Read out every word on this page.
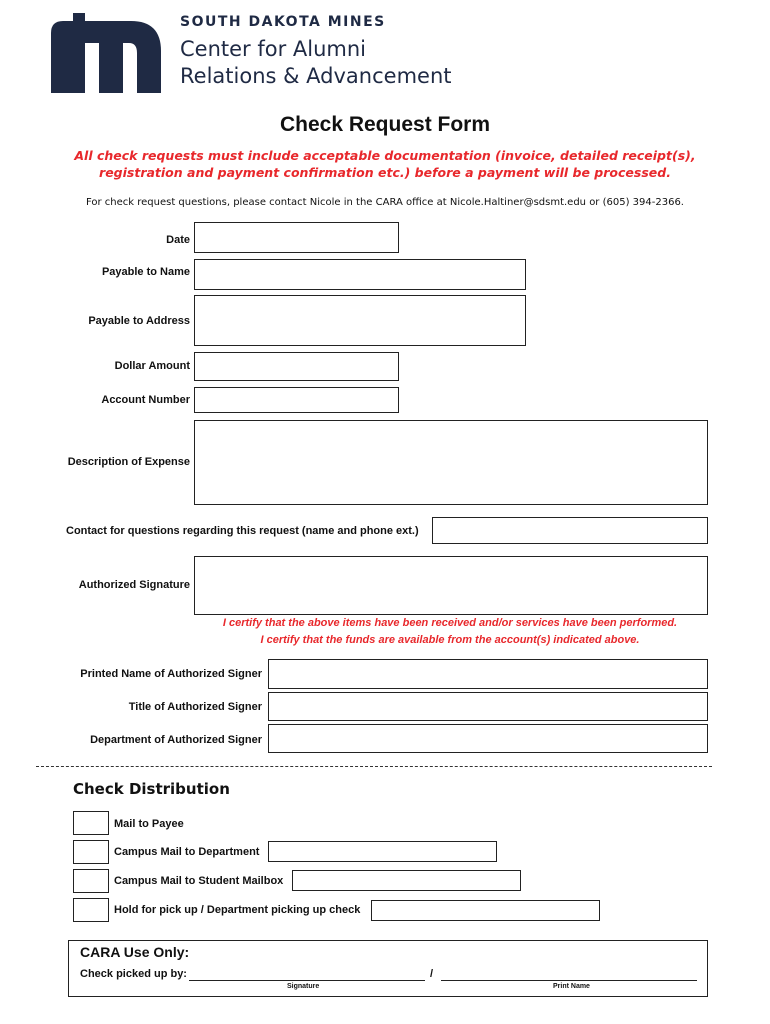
SOUTH DAKOTA MINES
Center for Alumni
Relations & Advancement
Check Request Form
All check requests must include acceptable documentation (invoice, detailed receipt(s),
registration and payment confirmation etc.) before a payment will be processed.
For check request questions, please contact Nicole in the CARA office at Nicole.Haltiner@sdsmt.edu or (605) 394-2366.
Date
Payable to Name
Payable to Address
Dollar Amount
Account Number
Description of Expense
Contact for questions regarding this request (name and phone ext.)
Authorized Signature
I certify that the above items have been received and/or services have been performed.
I certify that the funds are available from the account(s) indicated above.
Printed Name of Authorized Signer
Title of Authorized Signer
Department of Authorized Signer
Check Distribution
Mail to Payee
Campus Mail to Department
Campus Mail to Student Mailbox
Hold for pick up / Department picking up check
CARA Use Only:
Check picked up by:	/
Signature	Print Name
